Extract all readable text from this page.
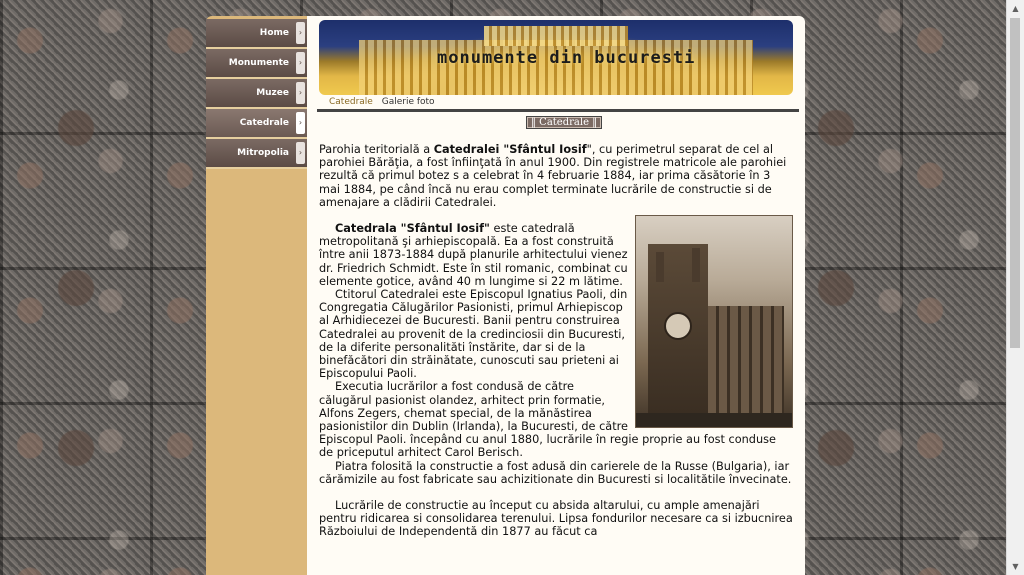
Home	›
Monumente	›
Muzee	›
Catedrale	›
Mitropolia	›
monumente din bucuresti
Catedrale Galerie foto
‖ Catedrale ‖

Parohia teritorială a Catedralei "Sfântul Iosif", cu perimetrul separat de cel al parohiei Bărăţia, a fost înfiinţată în anul 1900. Din registrele matricole ale parohiei rezultă că primul botez s a celebrat în 4 februarie 1884, iar prima căsătorie în 3 mai 1884, pe când încă nu erau complet terminate lucrările de constructie si de amenajare a clădirii Catedralei.

Catedrala "Sfântul Iosif" este catedrală metropolitană şi arhiepiscopală. Ea a fost construită între anii 1873-1884 după planurile arhitectului vienez dr. Friedrich Schmidt. Este în stil romanic, combinat cu elemente gotice, având 40 m lungime si 22 m lătime.

Ctitorul Catedralei este Episcopul Ignatius Paoli, din Congregatia Călugărilor Pasionisti, primul Arhiepiscop al Arhidiecezei de Bucuresti. Banii pentru construirea Catedralei au provenit de la credinciosii din Bucuresti, de la diferite personalităti înstărite, dar si de la binefăcători din străinătate, cunoscuti sau prieteni ai Episcopului Paoli.

Executia lucrărilor a fost condusă de către călugărul pasionist olandez, arhitect prin formatie, Alfons Zegers, chemat special, de la mănăstirea pasionistilor din Dublin (Irlanda), la Bucuresti, de către Episcopul Paoli. începând cu anul 1880, lucrările în regie proprie au fost conduse de priceputul arhitect Carol Berisch.

Piatra folosită la constructie a fost adusă din carierele de la Russe (Bulgaria), iar cărămizile au fost fabricate sau achizitionate din Bucuresti si localitătile învecinate.

Lucrările de constructie au început cu absida altarului, cu ample amenajări pentru ridicarea si consolidarea terenului. Lipsa fondurilor necesare ca si izbucnirea Războiului de Independentă din 1877 au făcut ca

▲
▼
